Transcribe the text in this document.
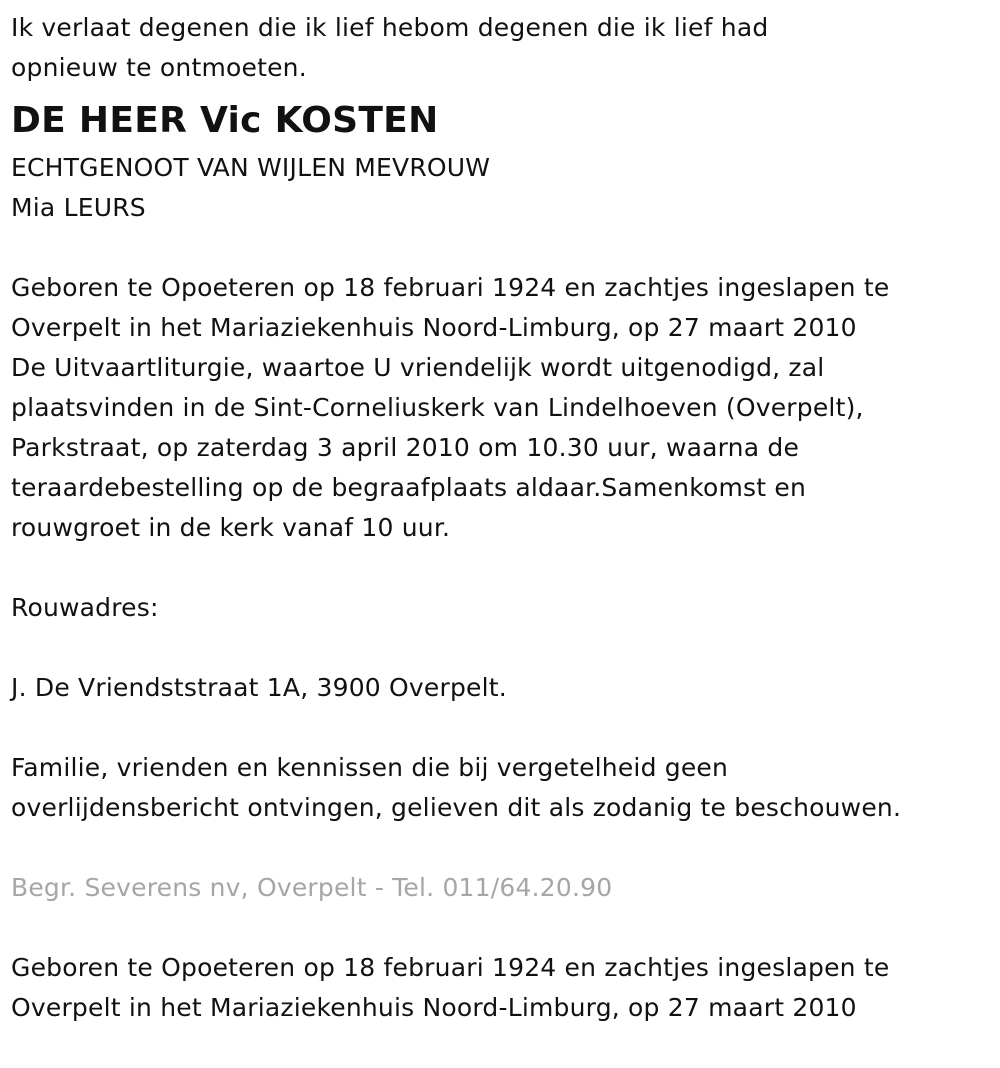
Ik verlaat degenen die ik lief hebom degenen die ik lief had
opnieuw te ontmoeten.
DE HEER Vic KOSTEN
ECHTGENOOT VAN WIJLEN MEVROUW
Mia LEURS
Geboren te Opoeteren op 18 februari 1924 en zachtjes ingeslapen te
Overpelt in het Mariaziekenhuis Noord-Limburg, op 27 maart 2010
De Uitvaartliturgie, waartoe U vriendelijk wordt uitgenodigd, zal
plaatsvinden in de Sint-Corneliuskerk van Lindelhoeven (Overpelt),
Parkstraat, op zaterdag 3 april 2010 om 10.30 uur, waarna de
teraardebestelling op de begraafplaats aldaar.Samenkomst en
rouwgroet in de kerk vanaf 10 uur.
Rouwadres:
J. De Vriendststraat 1A, 3900 Overpelt.
Familie, vrienden en kennissen die bij vergetelheid geen
overlijdensbericht ontvingen, gelieven dit als zodanig te beschouwen.
Begr. Severens nv, Overpelt - Tel. 011/64.20.90
Geboren te Opoeteren op 18 februari 1924 en zachtjes ingeslapen te
Overpelt in het Mariaziekenhuis Noord-Limburg, op 27 maart 2010
